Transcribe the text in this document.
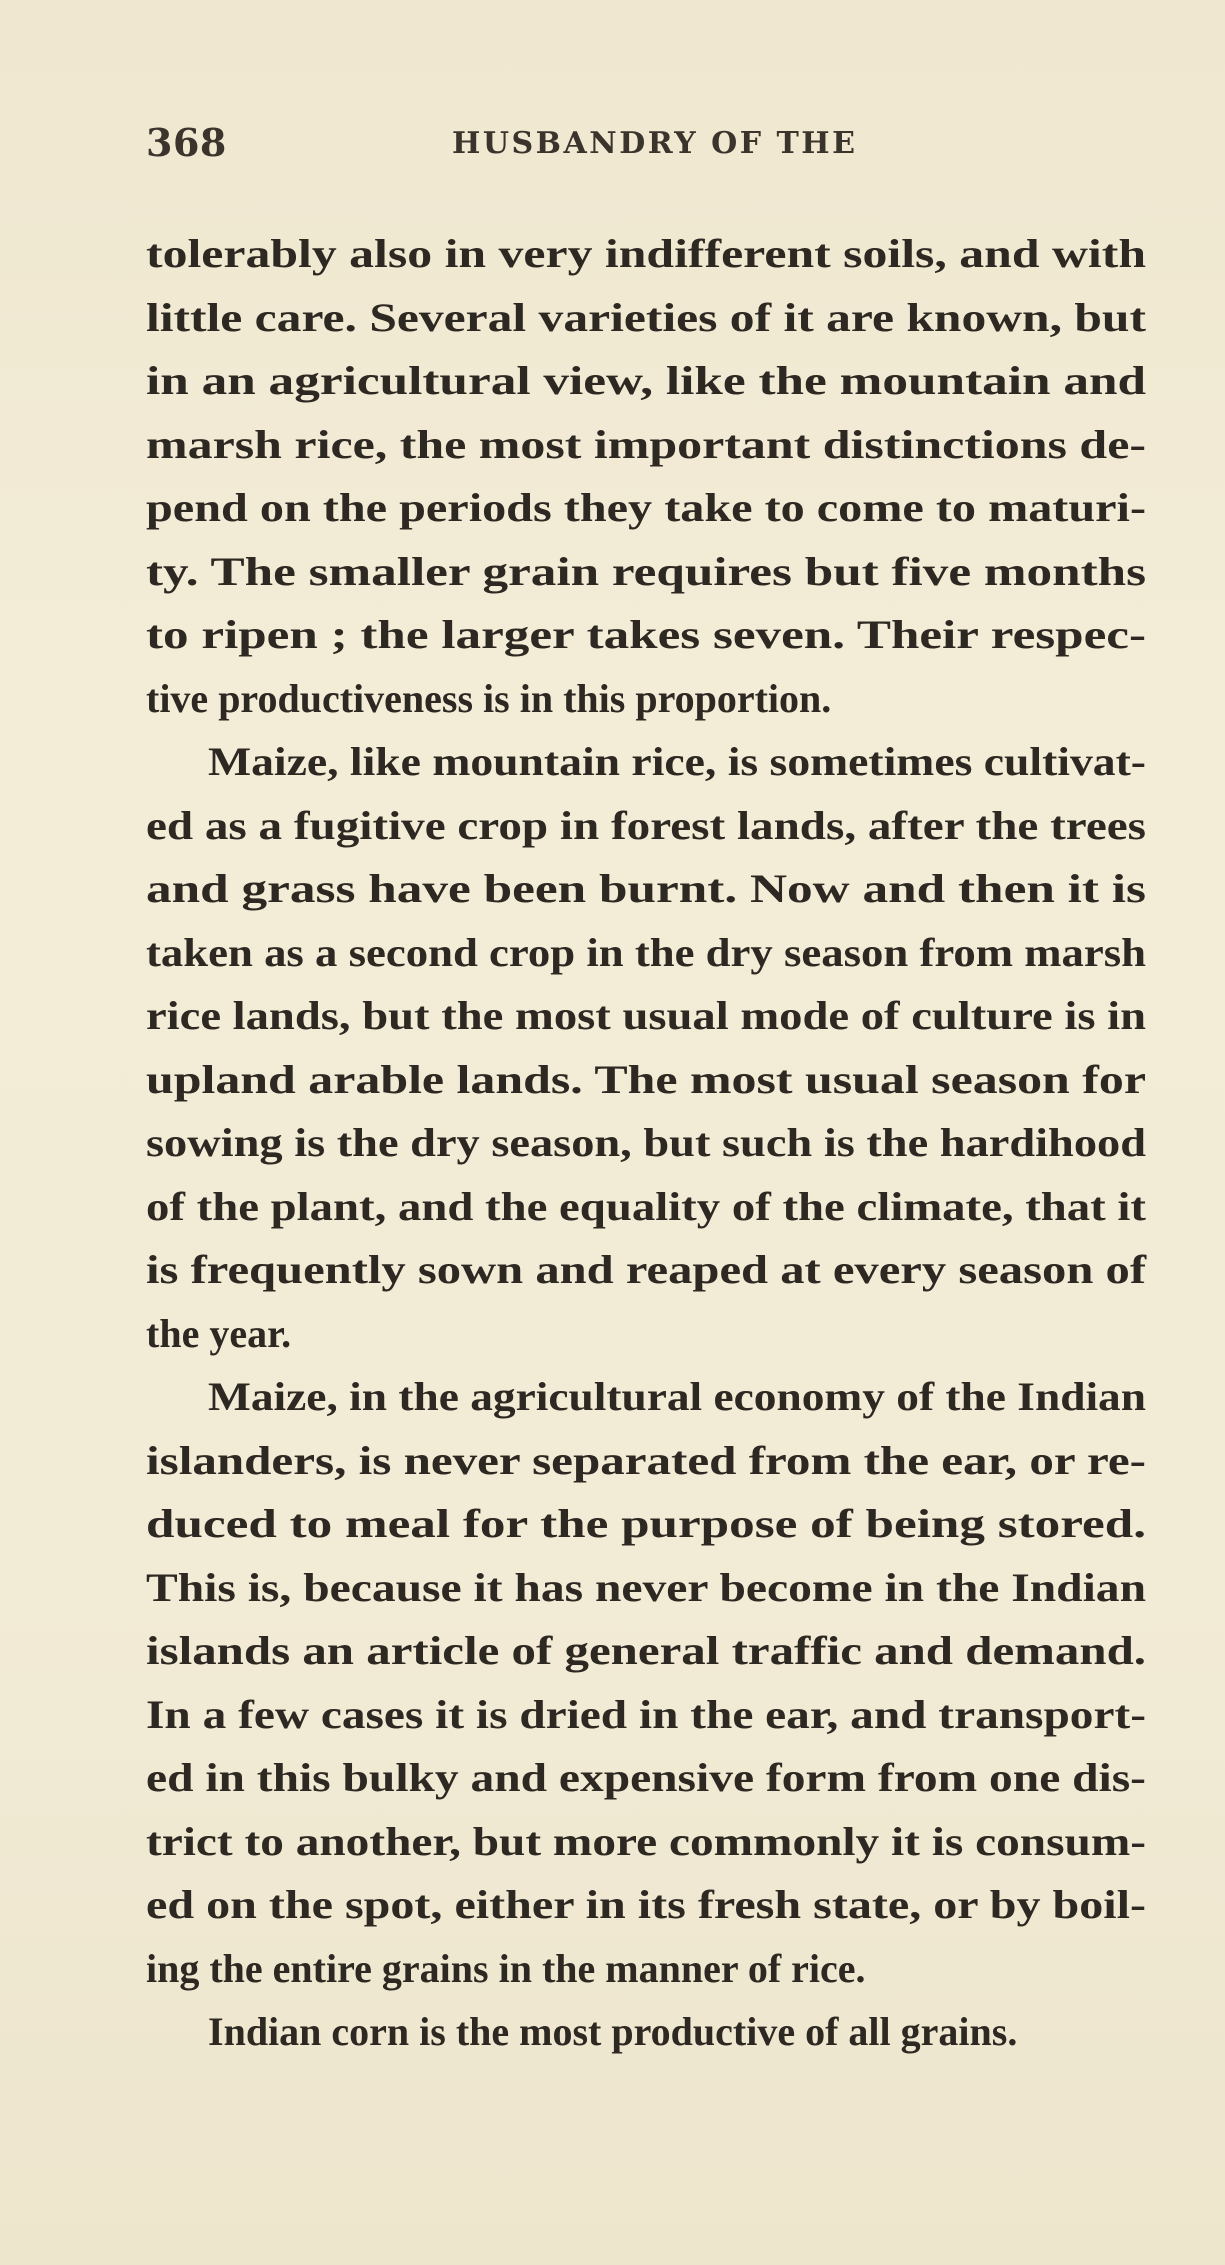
368	HUSBANDRY OF THE
tolerably also in very indifferent soils, and with
little care. Several varieties of it are known, but
in an agricultural view, like the mountain and
marsh rice, the most important distinctions de-
pend on the periods they take to come to maturi-
ty. The smaller grain requires but five months
to ripen ; the larger takes seven. Their respec-
tive productiveness is in this proportion.
Maize, like mountain rice, is sometimes cultivat-
ed as a fugitive crop in forest lands, after the trees
and grass have been burnt. Now and then it is
taken as a second crop in the dry season from marsh
rice lands, but the most usual mode of culture is in
upland arable lands. The most usual season for
sowing is the dry season, but such is the hardihood
of the plant, and the equality of the climate, that it
is frequently sown and reaped at every season of
the year.
Maize, in the agricultural economy of the Indian
islanders, is never separated from the ear, or re-
duced to meal for the purpose of being stored.
This is, because it has never become in the Indian
islands an article of general traffic and demand.
In a few cases it is dried in the ear, and transport-
ed in this bulky and expensive form from one dis-
trict to another, but more commonly it is consum-
ed on the spot, either in its fresh state, or by boil-
ing the entire grains in the manner of rice.
Indian corn is the most productive of all grains.
